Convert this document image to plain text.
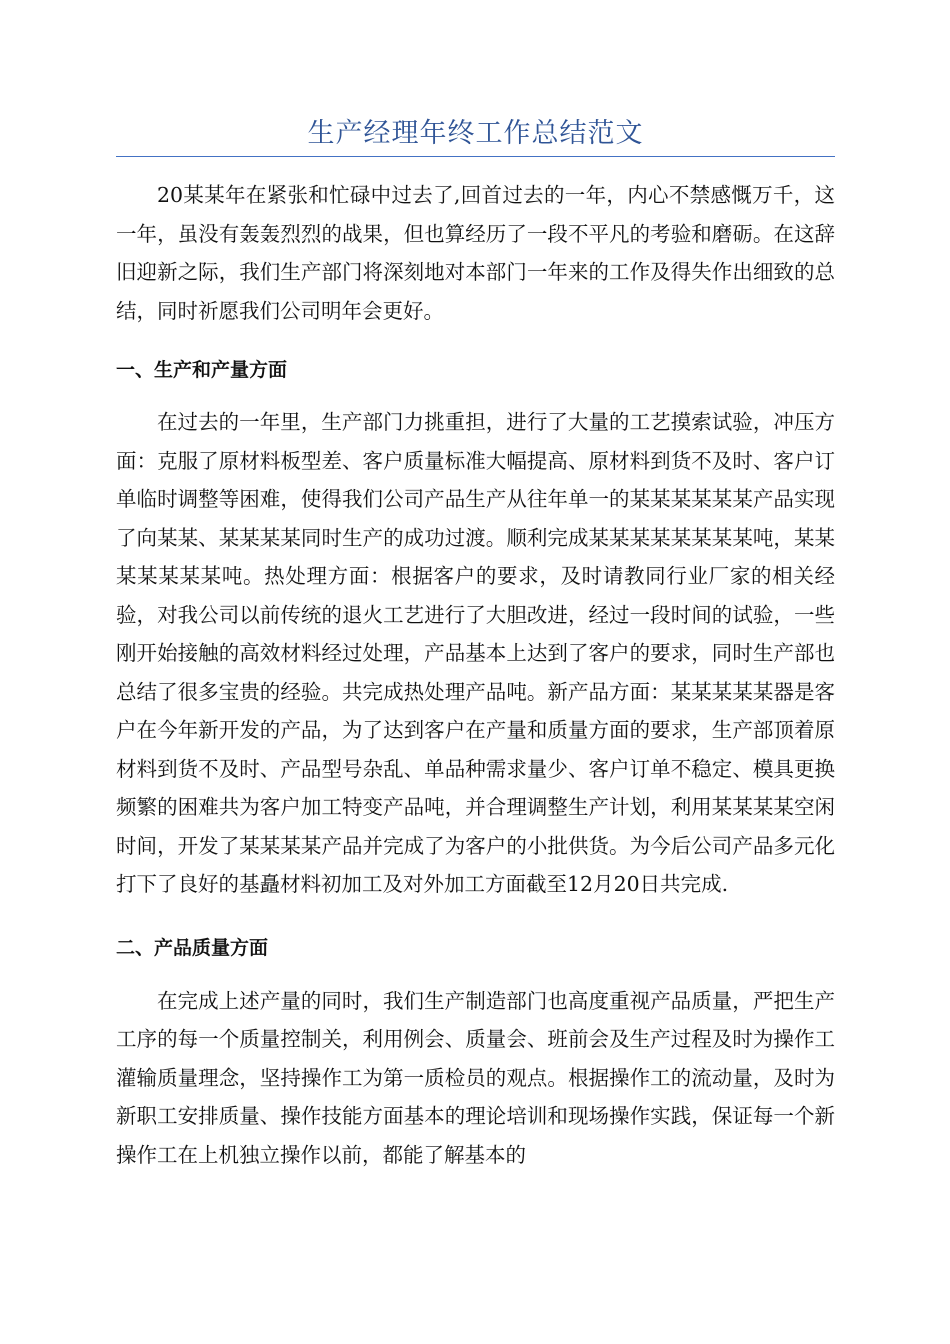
生产经理年终工作总结范文

20某某年在紧张和忙碌中过去了,回首过去的一年，内心不禁感慨万千，这一年，虽没有轰轰烈烈的战果，但也算经历了一段不平凡的考验和磨砺。在这辞旧迎新之际，我们生产部门将深刻地对本部门一年来的工作及得失作出细致的总结，同时祈愿我们公司明年会更好。

一、生产和产量方面

在过去的一年里，生产部门力挑重担，进行了大量的工艺摸索试验，冲压方面：克服了原材料板型差、客户质量标准大幅提高、原材料到货不及时、客户订单临时调整等困难，使得我们公司产品生产从往年单一的某某某某某某产品实现了向某某、某某某某同时生产的成功过渡。顺利完成某某某某某某某某吨，某某某某某某某吨。热处理方面：根据客户的要求，及时请教同行业厂家的相关经验，对我公司以前传统的退火工艺进行了大胆改进，经过一段时间的试验，一些刚开始接触的高效材料经过处理，产品基本上达到了客户的要求，同时生产部也总结了很多宝贵的经验。共完成热处理产品吨。新产品方面：某某某某某器是客户在今年新开发的产品，为了达到客户在产量和质量方面的要求，生产部顶着原材料到货不及时、产品型号杂乱、单品种需求量少、客户订单不稳定、模具更换频繁的困难共为客户加工特变产品吨，并合理调整生产计划，利用某某某某空闲时间，开发了某某某某产品并完成了为客户的小批供货。为今后公司产品多元化打下了良好的基矗材料初加工及对外加工方面截至12月20日共完成.

二、产品质量方面

在完成上述产量的同时，我们生产制造部门也高度重视产品质量，严把生产工序的每一个质量控制关，利用例会、质量会、班前会及生产过程及时为操作工灌输质量理念，坚持操作工为第一质检员的观点。根据操作工的流动量，及时为新职工安排质量、操作技能方面基本的理论培训和现场操作实践，保证每一个新操作工在上机独立操作以前，都能了解基本的
